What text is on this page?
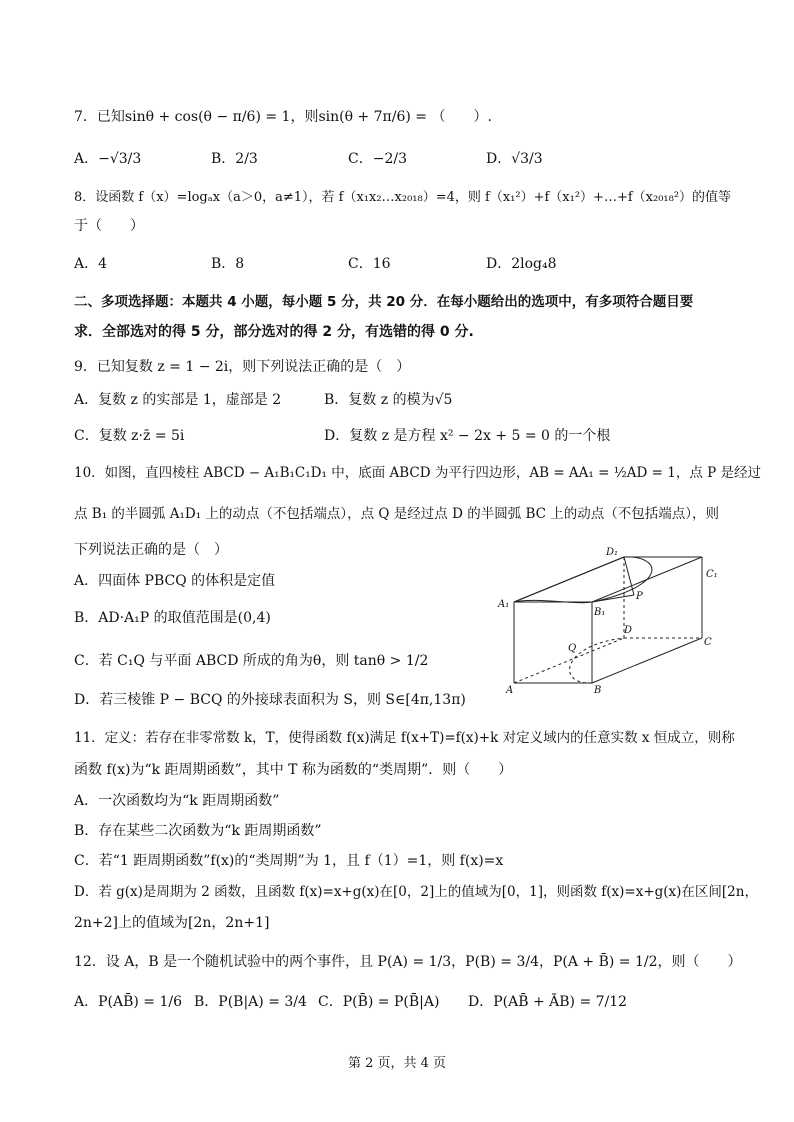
7．已知sinθ + cos(θ − π/6) = 1，则sin(θ + 7π/6) = （　　）.
A．−√3/3	B．2/3	C．−2/3	D．√3/3
8．设函数 f（x）=logₐx（a＞0，a≠1），若 f（x₁x₂…x₂₀₁₈）=4，则 f（x₁²）+f（x₁²）+…+f（x₂₀₁₈²）的值等
于（　　）
A．4	B．8	C．16	D．2log₄8
二、多项选择题：本题共 4 小题，每小题 5 分，共 20 分．在每小题给出的选项中，有多项符合题目要
求．全部选对的得 5 分，部分选对的得 2 分，有选错的得 0 分.
9．已知复数 z = 1 − 2i，则下列说法正确的是（　）
A．复数 z 的实部是 1，虚部是 2	B．复数 z 的模为√5
C．复数 z·z̄ = 5i	D．复数 z 是方程 x² − 2x + 5 = 0 的一个根
10．如图，直四棱柱 ABCD − A₁B₁C₁D₁ 中，底面 ABCD 为平行四边形，AB = AA₁ = ½AD = 1，点 P 是经过
点 B₁ 的半圆弧 A₁D₁ 上的动点（不包括端点），点 Q 是经过点 D 的半圆弧 BC 上的动点（不包括端点），则
下列说法正确的是（　）
A．四面体 PBCQ 的体积是定值
B．AD·A₁P 的取值范围是(0,4)
C．若 C₁Q 与平面 ABCD 所成的角为θ，则 tanθ > 1/2
D．若三棱锥 P − BCQ 的外接球表面积为 S，则 S∈[4π,13π)
D₁
C₁
A₁
B₁
P
D
Q
C
A	B
11．定义：若存在非零常数 k，T，使得函数 f(x)满足 f(x+T)=f(x)+k 对定义域内的任意实数 x 恒成立，则称
函数 f(x)为“k 距周期函数”，其中 T 称为函数的“类周期”．则（　　）
A．一次函数均为“k 距周期函数”
B．存在某些二次函数为“k 距周期函数”
C．若“1 距周期函数”f(x)的“类周期”为 1，且 f（1）=1，则 f(x)=x
D．若 g(x)是周期为 2 函数，且函数 f(x)=x+g(x)在[0，2]上的值域为[0，1]，则函数 f(x)=x+g(x)在区间[2n，
2n+2]上的值域为[2n，2n+1]
12．设 A，B 是一个随机试验中的两个事件，且 P(A) = 1/3，P(B) = 3/4，P(A + B̄) = 1/2，则（　　）
A．P(AB̄) = 1/6 B．P(B|A) = 3/4 C．P(B̄) = P(B̄|A) D．P(AB̄ + ĀB) = 7/12
第 2 页，共 4 页
